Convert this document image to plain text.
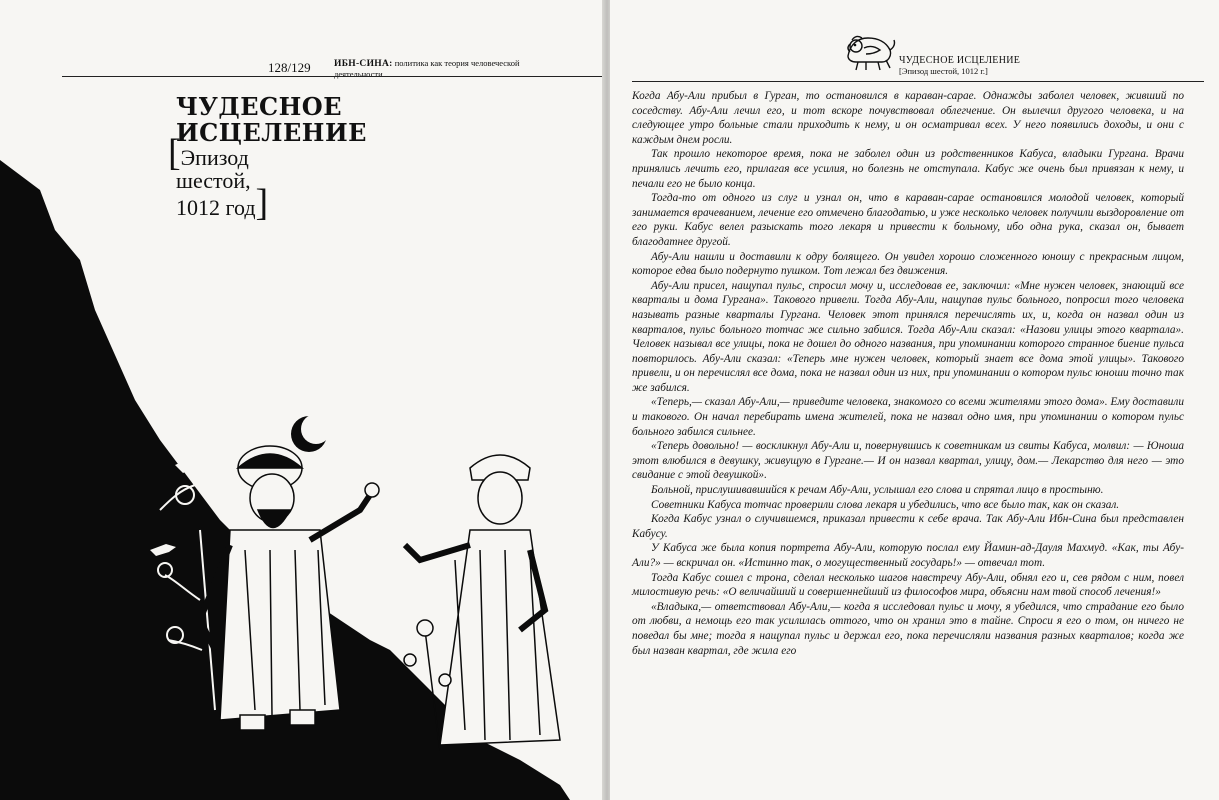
128/129 ИБН-СИНА: политика как теория человеческой деятельности
ЧУДЕСНОЕ
ИСЦЕЛЕНИЕ
[Эпизод
шестой,
1012 год]
ЧУДЕСНОЕ ИСЦЕЛЕНИЕ
[Эпизод шестой, 1012 г.]

Когда Абу-Али прибыл в Гурган, то остановился в караван-сарае. Однажды заболел человек, живший по соседству. Абу-Али лечил его, и тот вскоре почувствовал облегчение. Он вылечил другого человека, и на следующее утро больные стали приходить к нему, и он осматривал всех. У него появились доходы, и они с каждым днем росли.

Так прошло некоторое время, пока не заболел один из родственников Кабуса, владыки Гургана. Врачи принялись лечить его, прилагая все усилия, но болезнь не отступала. Кабус же очень был привязан к нему, и печали его не было конца.

Тогда-то от одного из слуг и узнал он, что в караван-сарае остановился молодой человек, который занимается врачеванием, лечение его отмечено благодатью, и уже несколько человек получили выздоровление от его руки. Кабус велел разыскать того лекаря и привести к больному, ибо одна рука, сказал он, бывает благодатнее другой.

Абу-Али нашли и доставили к одру болящего. Он увидел хорошо сложенного юношу с прекрасным лицом, которое едва было подернуто пушком. Тот лежал без движения.

Абу-Али присел, нащупал пульс, спросил мочу и, исследовав ее, заключил: «Мне нужен человек, знающий все кварталы и дома Гургана». Такового привели. Тогда Абу-Али, нащупав пульс больного, попросил того человека называть разные кварталы Гургана. Человек этот принялся перечислять их, и, когда он назвал один из кварталов, пульс больного тотчас же сильно забился. Тогда Абу-Али сказал: «Назови улицы этого квартала». Человек называл все улицы, пока не дошел до одного названия, при упоминании которого странное биение пульса повторилось. Абу-Али сказал: «Теперь мне нужен человек, который знает все дома этой улицы». Такового привели, и он перечислял все дома, пока не назвал один из них, при упоминании о котором пульс юноши точно так же забился.

«Теперь,— сказал Абу-Али,— приведите человека, знакомого со всеми жителями этого дома». Ему доставили и такового. Он начал перебирать имена жителей, пока не назвал одно имя, при упоминании о котором пульс больного забился сильнее.

«Теперь довольно! — воскликнул Абу-Али и, повернувшись к советникам из свиты Кабуса, молвил: — Юноша этот влюбился в девушку, живущую в Гургане.— И он назвал квартал, улицу, дом.— Лекарство для него — это свидание с этой девушкой».

Больной, прислушивавшийся к речам Абу-Али, услышал его слова и спрятал лицо в простыню.

Советники Кабуса тотчас проверили слова лекаря и убедились, что все было так, как он сказал.

Когда Кабус узнал о случившемся, приказал привести к себе врача. Так Абу-Али Ибн-Сина был представлен Кабусу.

У Кабуса же была копия портрета Абу-Али, которую послал ему Йамин-ад-Дауля Махмуд. «Как, ты Абу-Али?» — вскричал он. «Истинно так, о могущественный государь!» — отвечал тот.

Тогда Кабус сошел с трона, сделал несколько шагов навстречу Абу-Али, обнял его и, сев рядом с ним, повел милостивую речь: «О величайший и совершеннейший из философов мира, объясни нам твой способ лечения!»

«Владыка,— ответствовал Абу-Али,— когда я исследовал пульс и мочу, я убедился, что страдание его было от любви, а немощь его так усилилась оттого, что он хранил это в тайне. Спроси я его о том, он ничего не поведал бы мне; тогда я нащупал пульс и держал его, пока перечисляли названия разных кварталов; когда же был назван квартал, где жила его
